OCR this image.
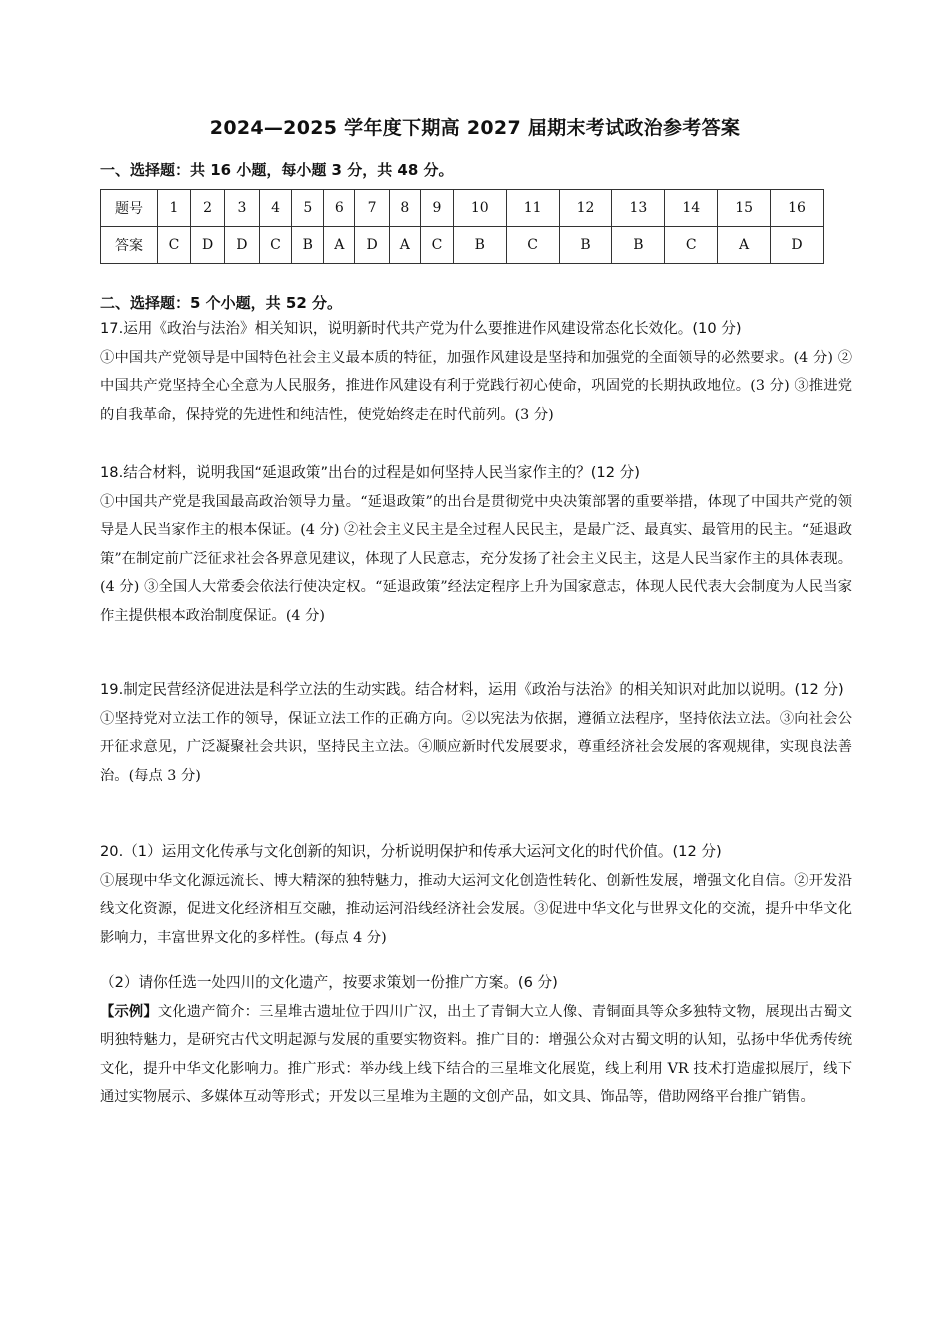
2024—2025 学年度下期高 2027 届期末考试政治参考答案
一、选择题：共 16 小题，每小题 3 分，共 48 分。
题号	1	2	3	4	5	6	7	8	9	10	11	12	13	14	15	16
答案	C	D	D	C	B	A	D	A	C	B	C	B	B	C	A	D
二、选择题：5 个小题，共 52 分。

17.运用《政治与法治》相关知识，说明新时代共产党为什么要推进作风建设常态化长效化。(10 分)

①中国共产党领导是中国特色社会主义最本质的特征，加强作风建设是坚持和加强党的全面领导的必然要求。(4 分) ②中国共产党坚持全心全意为人民服务，推进作风建设有利于党践行初心使命，巩固党的长期执政地位。(3 分) ③推进党的自我革命，保持党的先进性和纯洁性，使党始终走在时代前列。(3 分)

18.结合材料，说明我国“延退政策”出台的过程是如何坚持人民当家作主的？(12 分)

①中国共产党是我国最高政治领导力量。“延退政策”的出台是贯彻党中央决策部署的重要举措，体现了中国共产党的领导是人民当家作主的根本保证。(4 分) ②社会主义民主是全过程人民民主，是最广泛、最真实、最管用的民主。“延退政策”在制定前广泛征求社会各界意见建议，体现了人民意志，充分发扬了社会主义民主，这是人民当家作主的具体表现。(4 分) ③全国人大常委会依法行使决定权。“延退政策”经法定程序上升为国家意志，体现人民代表大会制度为人民当家作主提供根本政治制度保证。(4 分)

19.制定民营经济促进法是科学立法的生动实践。结合材料，运用《政治与法治》的相关知识对此加以说明。(12 分)

①坚持党对立法工作的领导，保证立法工作的正确方向。②以宪法为依据，遵循立法程序，坚持依法立法。③向社会公开征求意见，广泛凝聚社会共识，坚持民主立法。④顺应新时代发展要求，尊重经济社会发展的客观规律，实现良法善治。(每点 3 分)

20.（1）运用文化传承与文化创新的知识，分析说明保护和传承大运河文化的时代价值。(12 分)

①展现中华文化源远流长、博大精深的独特魅力，推动大运河文化创造性转化、创新性发展，增强文化自信。②开发沿线文化资源，促进文化经济相互交融，推动运河沿线经济社会发展。③促进中华文化与世界文化的交流，提升中华文化影响力，丰富世界文化的多样性。(每点 4 分)

（2）请你任选一处四川的文化遗产，按要求策划一份推广方案。(6 分)

【示例】文化遗产简介：三星堆古遗址位于四川广汉，出土了青铜大立人像、青铜面具等众多独特文物，展现出古蜀文明独特魅力，是研究古代文明起源与发展的重要实物资料。推广目的：增强公众对古蜀文明的认知，弘扬中华优秀传统文化，提升中华文化影响力。推广形式：举办线上线下结合的三星堆文化展览，线上利用 VR 技术打造虚拟展厅，线下通过实物展示、多媒体互动等形式；开发以三星堆为主题的文创产品，如文具、饰品等，借助网络平台推广销售。
